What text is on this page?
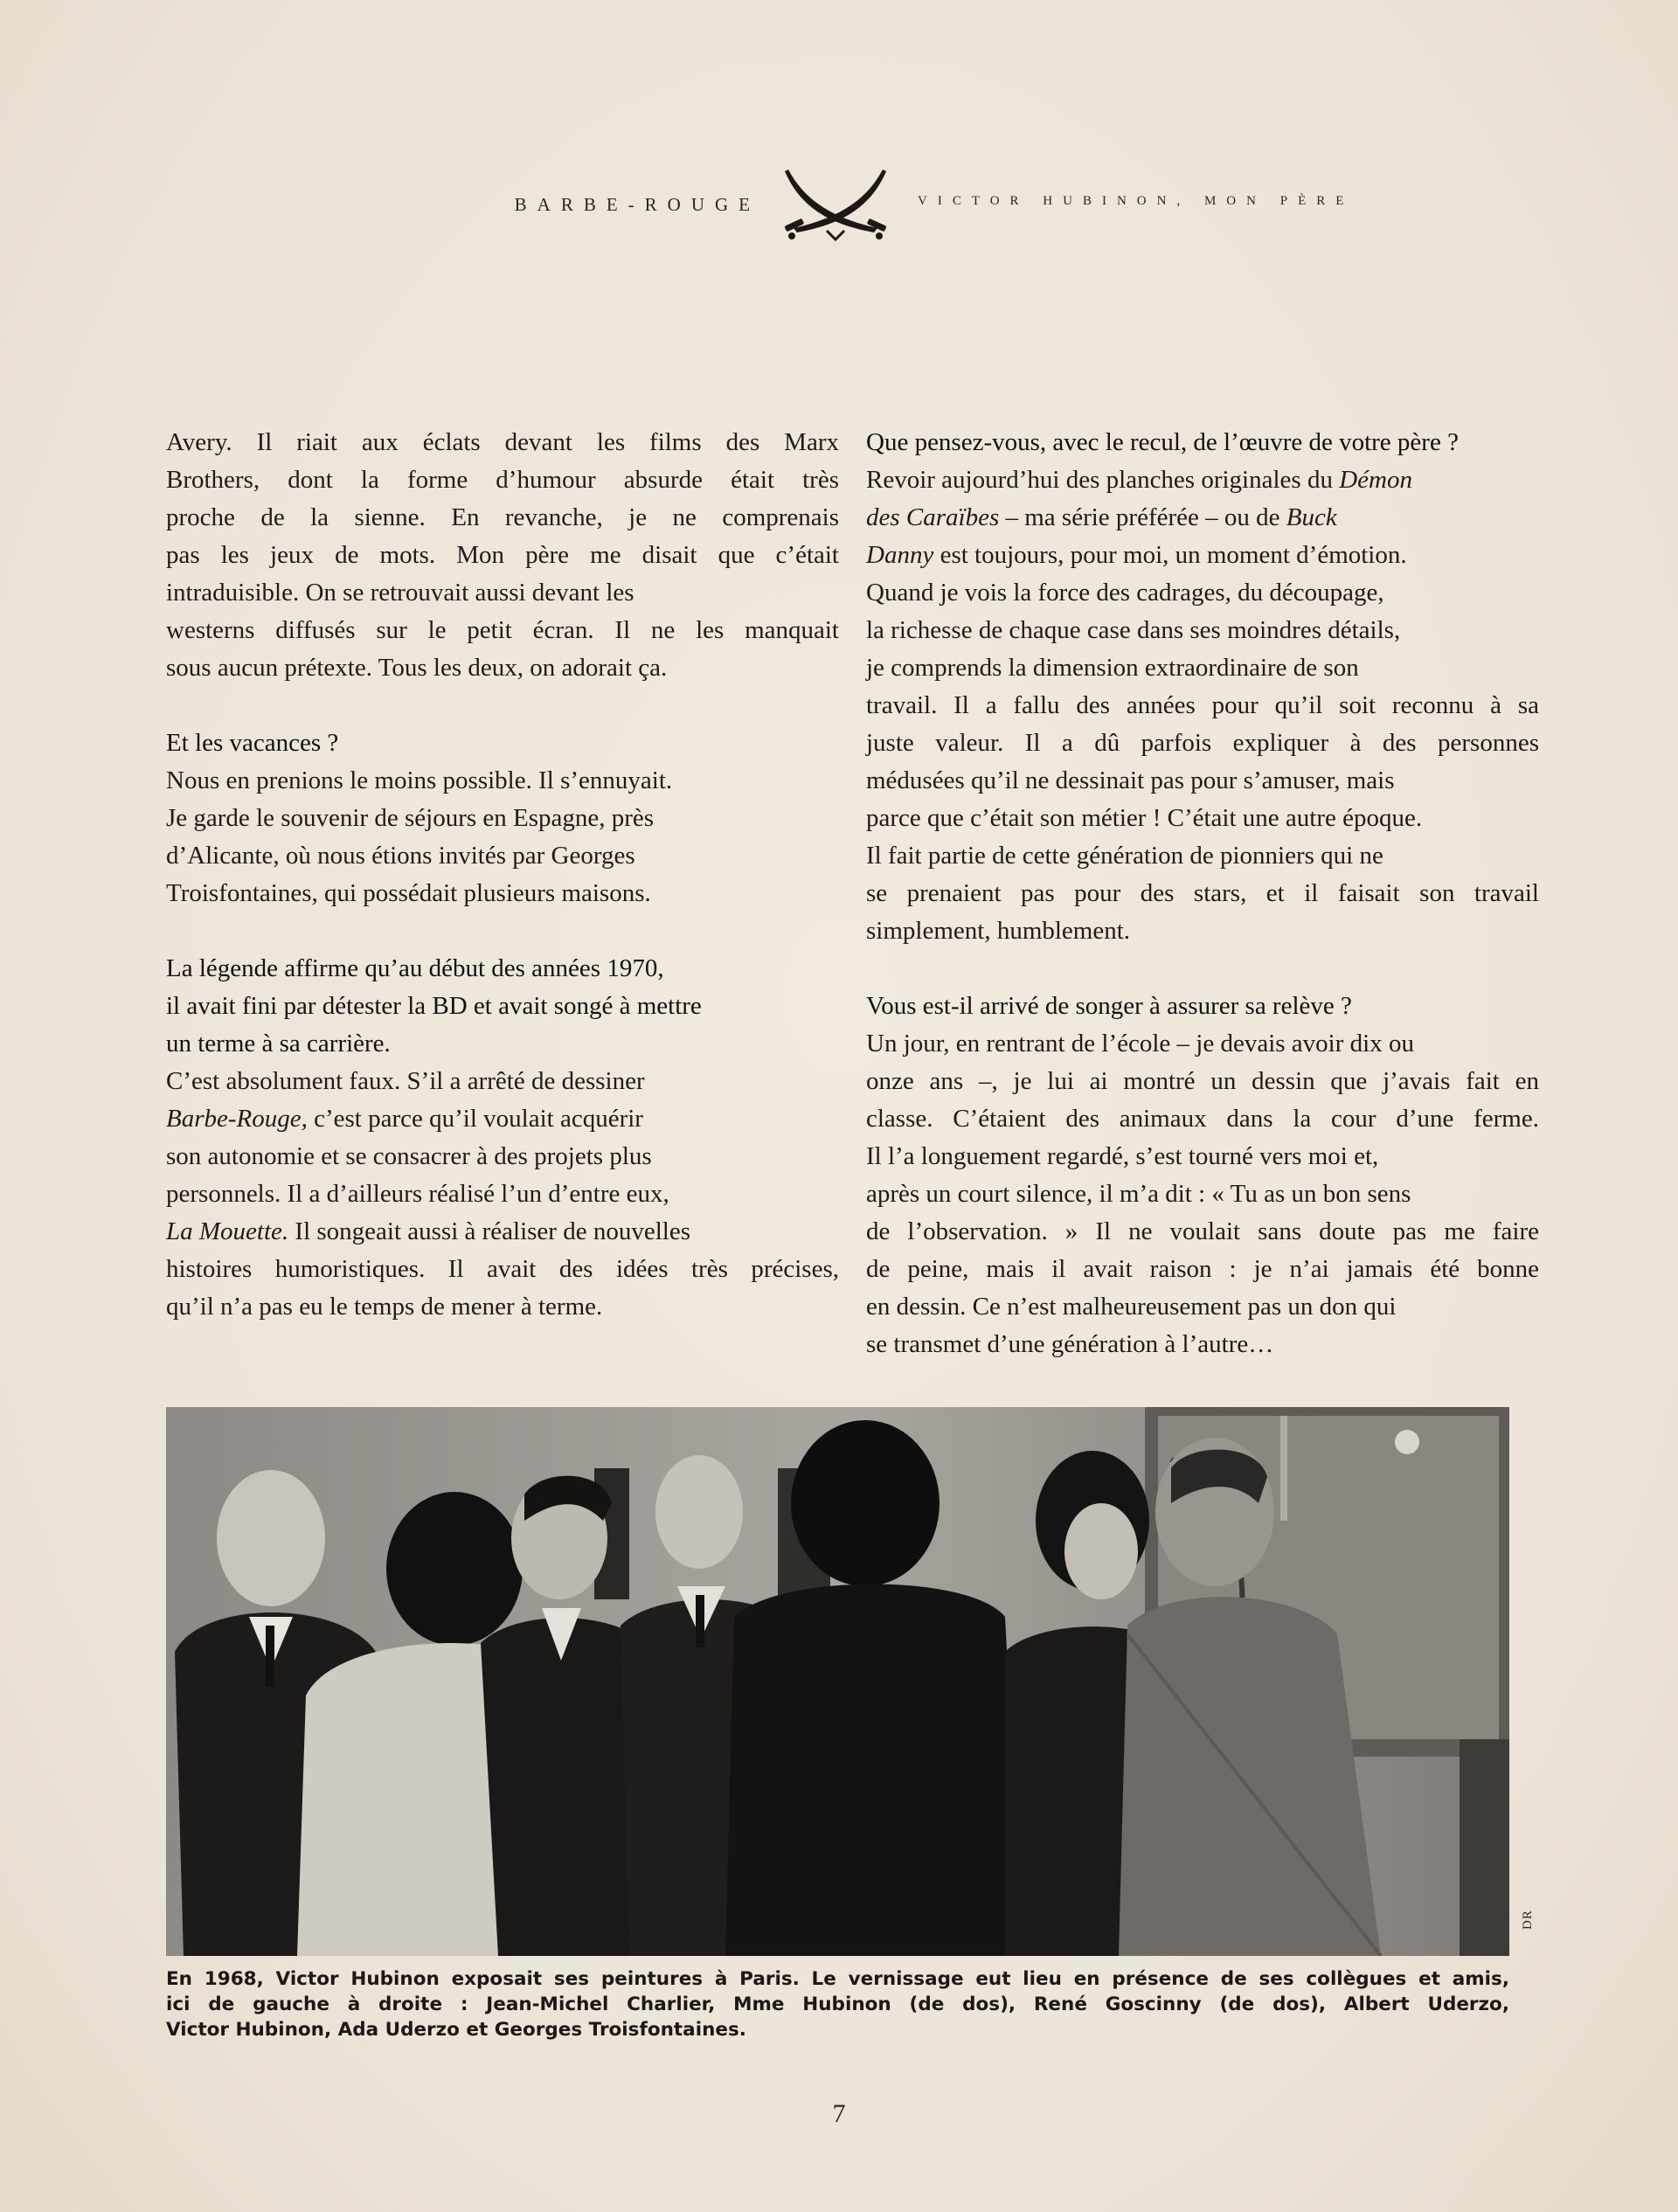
BARBE-ROUGE	VICTOR HUBINON, MON PÈRE

Avery. Il riait aux éclats devant les films des Marx
Brothers, dont la forme d’humour absurde était très
proche de la sienne. En revanche, je ne comprenais
pas les jeux de mots. Mon père me disait que c’était
intraduisible. On se retrouvait aussi devant les
westerns diffusés sur le petit écran. Il ne les manquait
sous aucun prétexte. Tous les deux, on adorait ça.

Et les vacances ?
Nous en prenions le moins possible. Il s’ennuyait.
Je garde le souvenir de séjours en Espagne, près
d’Alicante, où nous étions invités par Georges
Troisfontaines, qui possédait plusieurs maisons.

La légende affirme qu’au début des années 1970,
il avait fini par détester la BD et avait songé à mettre
un terme à sa carrière.
C’est absolument faux. S’il a arrêté de dessiner
Barbe-Rouge, c’est parce qu’il voulait acquérir
son autonomie et se consacrer à des projets plus
personnels. Il a d’ailleurs réalisé l’un d’entre eux,
La Mouette. Il songeait aussi à réaliser de nouvelles
histoires humoristiques. Il avait des idées très précises,
qu’il n’a pas eu le temps de mener à terme.

Que pensez-vous, avec le recul, de l’œuvre de votre père ?
Revoir aujourd’hui des planches originales du Démon
des Caraïbes – ma série préférée – ou de Buck
Danny est toujours, pour moi, un moment d’émotion.
Quand je vois la force des cadrages, du découpage,
la richesse de chaque case dans ses moindres détails,
je comprends la dimension extraordinaire de son
travail. Il a fallu des années pour qu’il soit reconnu à sa
juste valeur. Il a dû parfois expliquer à des personnes
médusées qu’il ne dessinait pas pour s’amuser, mais
parce que c’était son métier ! C’était une autre époque.
Il fait partie de cette génération de pionniers qui ne
se prenaient pas pour des stars, et il faisait son travail
simplement, humblement.

Vous est-il arrivé de songer à assurer sa relève ?
Un jour, en rentrant de l’école – je devais avoir dix ou
onze ans –, je lui ai montré un dessin que j’avais fait en
classe. C’étaient des animaux dans la cour d’une ferme.
Il l’a longuement regardé, s’est tourné vers moi et,
après un court silence, il m’a dit : « Tu as un bon sens
de l’observation. » Il ne voulait sans doute pas me faire
de peine, mais il avait raison : je n’ai jamais été bonne
en dessin. Ce n’est malheureusement pas un don qui
se transmet d’une génération à l’autre…

DR
En 1968, Victor Hubinon exposait ses peintures à Paris. Le vernissage eut lieu en présence de ses collègues et amis,
ici de gauche à droite : Jean-Michel Charlier, Mme Hubinon (de dos), René Goscinny (de dos), Albert Uderzo,
Victor Hubinon, Ada Uderzo et Georges Troisfontaines.
7
